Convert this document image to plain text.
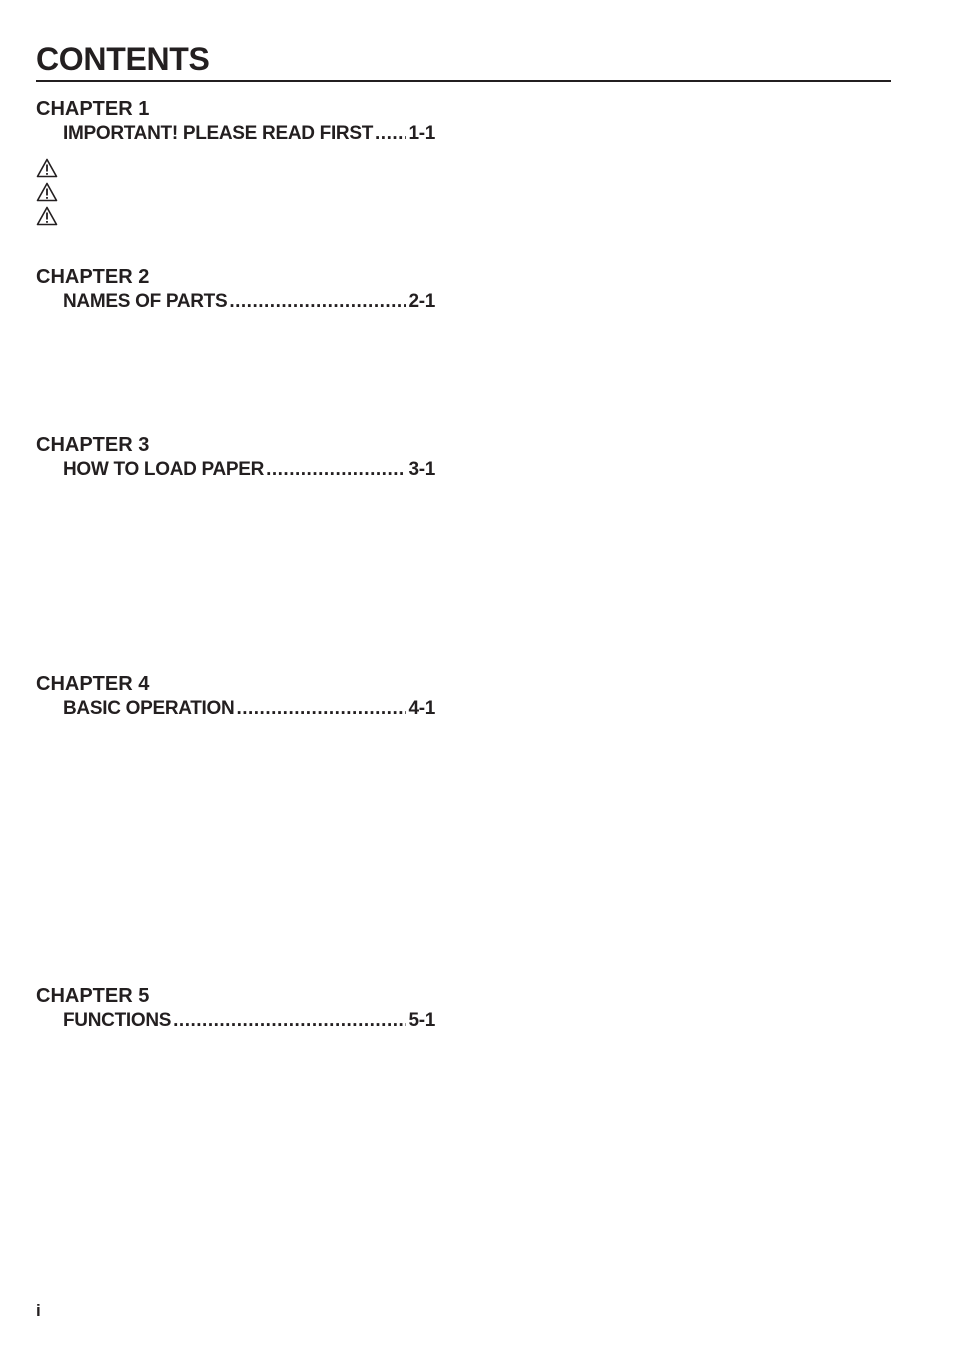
CONTENTS
CHAPTER 1
IMPORTANT! PLEASE READ FIRST ..... 1-1
CHAPTER 2
NAMES OF PARTS .....	2-1
CHAPTER 3
HOW TO LOAD PAPER .....	3-1
CHAPTER 4
BASIC OPERATION .....	4-1
CHAPTER 5
FUNCTIONS .....	5-1
i
